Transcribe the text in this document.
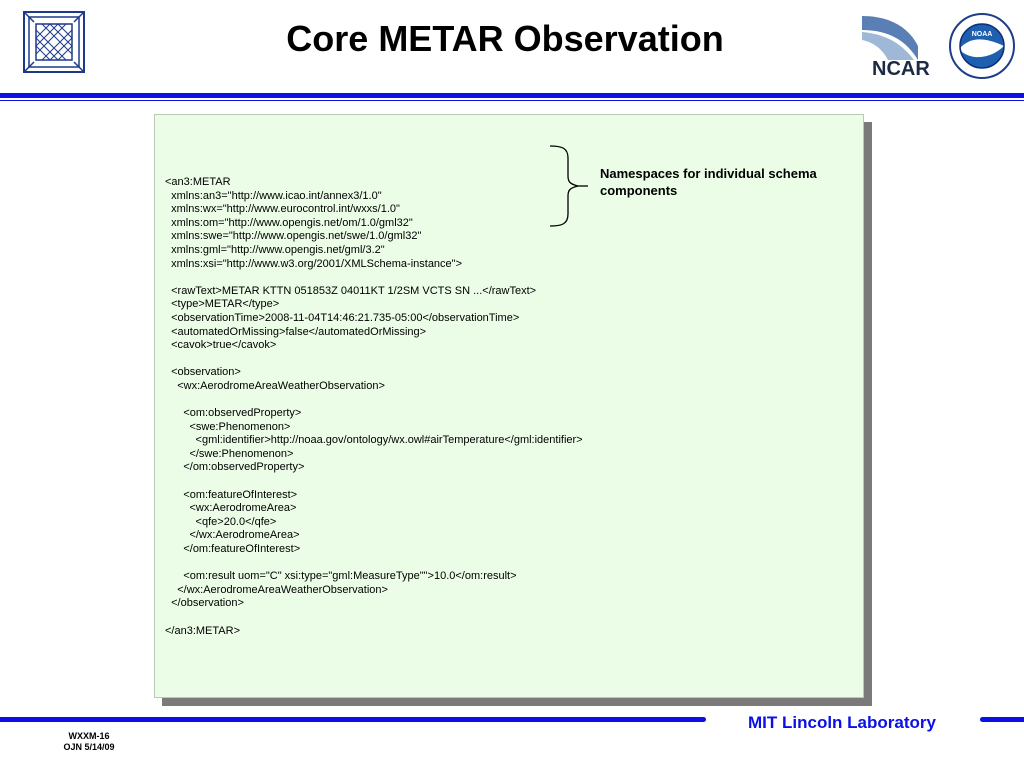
Core METAR Observation	NOAA
NCAR
<an3:METAR
xmlns:an3="http://www.icao.int/annex3/1.0"
xmlns:wx="http://www.eurocontrol.int/wxxs/1.0"
xmlns:om="http://www.opengis.net/om/1.0/gml32"
xmlns:swe="http://www.opengis.net/swe/1.0/gml32"
xmlns:gml="http://www.opengis.net/gml/3.2"
xmlns:xsi="http://www.w3.org/2001/XMLSchema-instance">
<rawText>METAR KTTN 051853Z 04011KT 1/2SM VCTS SN ...</rawText>
<type>METAR</type>
<observationTime>2008-11-04T14:46:21.735-05:00</observationTime>
<automatedOrMissing>false</automatedOrMissing>
<cavok>true</cavok>
<observation>
<wx:AerodromeAreaWeatherObservation>
<om:observedProperty>
<swe:Phenomenon>
<gml:identifier>http://noaa.gov/ontology/wx.owl#airTemperature</gml:identifier>
</swe:Phenomenon>
</om:observedProperty>
<om:featureOfInterest>
<wx:AerodromeArea>
<qfe>20.0</qfe>
</wx:AerodromeArea>
</om:featureOfInterest>
<om:result uom="C" xsi:type="gml:MeasureType"">10.0</om:result>
</wx:AerodromeAreaWeatherObservation>
</observation>
</an3:METAR>
Namespaces for individual schema components
MIT Lincoln Laboratory
WXXM-16
OJN 5/14/09
